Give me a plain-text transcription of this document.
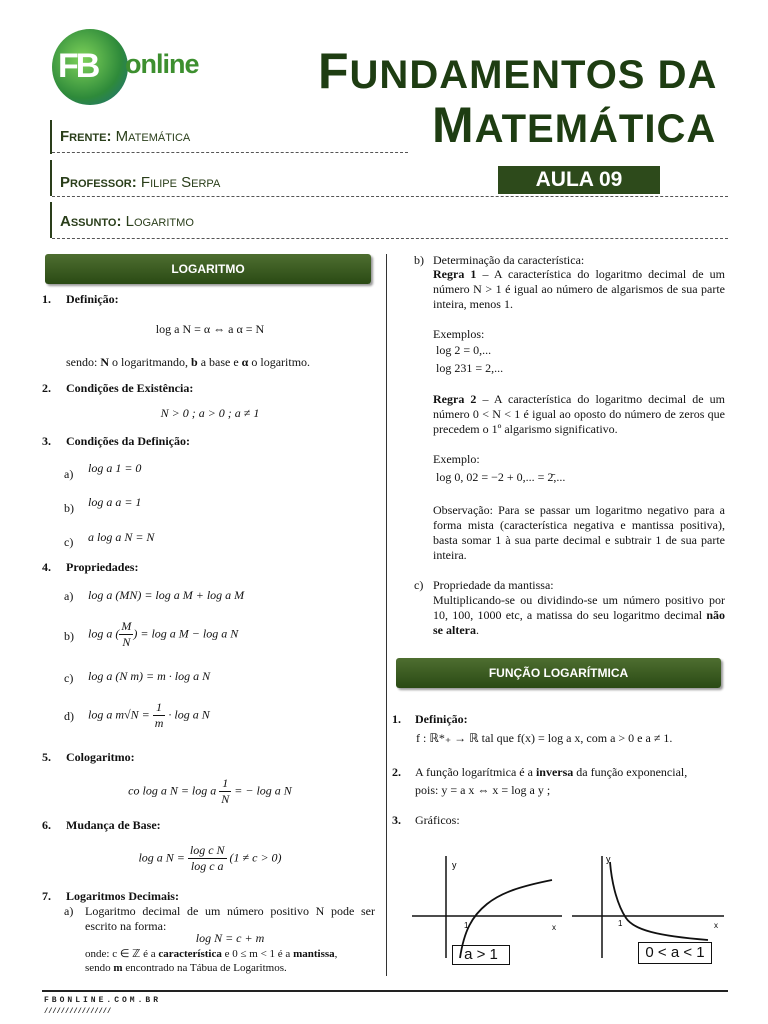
FB	online FUNDAMENTOS DA
MATEMÁTICA
Frente: Matemática
Professor: Filipe Serpa	AULA 09
Assunto: Logaritmo
LOGARITMO
1. Definição:
log a N = α ⇔ a α = N
sendo: N o logaritmando, b a base e α o logaritmo.
2. Condições de Existência:
N > 0 ; a > 0 ; a ≠ 1
3. Condições da Definição:
a) log a 1 = 0
b) log a a = 1
c) a log a N = N
4. Propriedades:
a) log a (MN) = log a M + log a M
b) log a ( $\frac{M}{N}$ ) = log a M − log a N
c) log a (N m) = m · log a N
d) log a $m√N = \frac{1}{m} \cdot \log a$ N
5. Cologaritmo:
co log a N = log a $\frac{1}{N}$ = − log a N
6. Mudança de Base:
log a $N = \frac{\text{log c N}}{\text{log c a}} (1 \ne c > 0)$
7. Logaritmos Decimais:
a) Logaritmo decimal de um número positivo N pode ser escrito na forma:
log N = c + m
onde: c ∈ ℤ é a característica e 0 ≤ m < 1 é a mantissa,
sendo m encontrado na Tábua de Logaritmos.
b) Determinação da característica:
Regra 1 – A característica do logaritmo decimal de um número N > 1 é igual ao número de algarismos de sua parte inteira, menos 1.
Exemplos:
log 2 = 0,...
log 231 = 2,...
Regra 2 – A característica do logaritmo decimal de um número 0 < N < 1 é igual ao oposto do número de zeros que precedem o 1º algarismo significativo.
Exemplo:
log 0, 02 = −2 + 0,... = 2̄,...
Observação: Para se passar um logaritmo negativo para a forma mista (característica negativa e mantissa positiva), basta somar 1 à sua parte decimal e subtrair 1 de sua parte inteira.
c) Propriedade da mantissa:
Multiplicando-se ou dividindo-se um número positivo por 10, 100, 1000 etc, a matissa do seu logaritmo decimal não se altera.
FUNÇÃO LOGARÍTMICA
1. Definição:
f : ℝ*₊ → ℝ tal que f(x) = log a x, com a > 0 e a ≠ 1.
2. A função logarítmica é a inversa da função exponencial,
pois: y = a x ⇔ x = log a y ;
3. Gráficos:
y
x
1
a > 1
y
x
1
0 < a < 1
FBONLINE.COM.BR
////////////////
